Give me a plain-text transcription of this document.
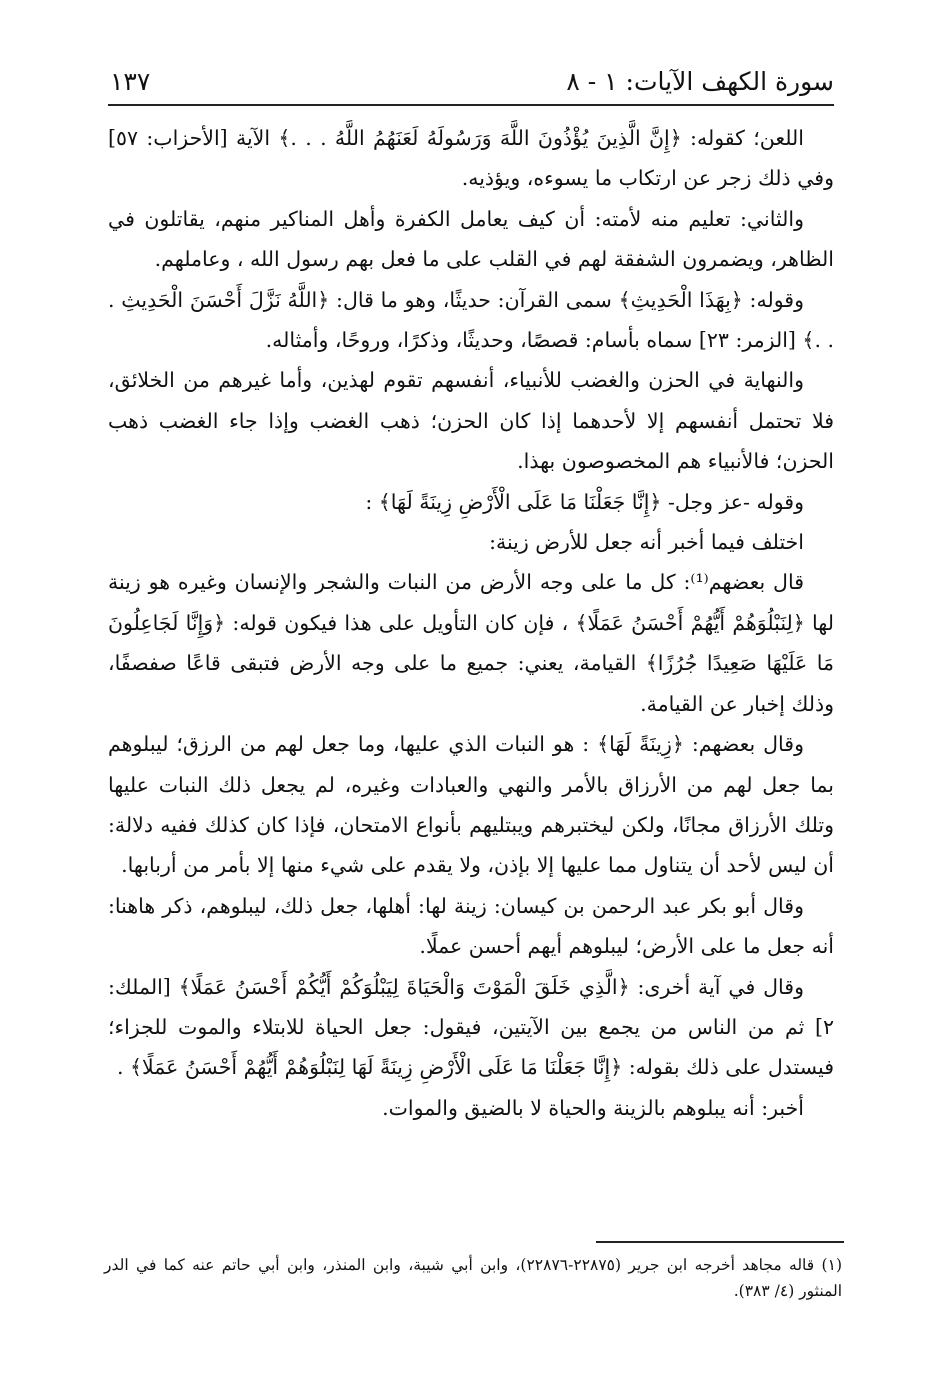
سورة الكهف الآيات: ١ - ٨
١٣٧

اللعن؛ كقوله: ﴿إِنَّ الَّذِينَ يُؤْذُونَ اللَّهَ وَرَسُولَهُ لَعَنَهُمُ اللَّهُ . . .﴾ الآية [الأحزاب: ٥٧] وفي ذلك زجر عن ارتكاب ما يسوءه، ويؤذيه.

والثاني: تعليم منه لأمته: أن كيف يعامل الكفرة وأهل المناكير منهم، يقاتلون في الظاهر، ويضمرون الشفقة لهم في القلب على ما فعل بهم رسول الله ، وعاملهم.

وقوله: ﴿بِهَذَا الْحَدِيثِ﴾ سمى القرآن: حديثًا، وهو ما قال: ﴿اللَّهُ نَزَّلَ أَحْسَنَ الْحَدِيثِ . . .﴾ [الزمر: ٢٣] سماه بأسام: قصصًا، وحديثًا، وذكرًا، وروحًا، وأمثاله.

والنهاية في الحزن والغضب للأنبياء، أنفسهم تقوم لهذين، وأما غيرهم من الخلائق، فلا تحتمل أنفسهم إلا لأحدهما إذا كان الحزن؛ ذهب الغضب وإذا جاء الغضب ذهب الحزن؛ فالأنبياء هم المخصوصون بهذا.

وقوله -عز وجل- ﴿إِنَّا جَعَلْنَا مَا عَلَى الْأَرْضِ زِينَةً لَهَا﴾ :

اختلف فيما أخبر أنه جعل للأرض زينة:

قال بعضهم⁽¹⁾: كل ما على وجه الأرض من النبات والشجر والإنسان وغيره هو زينة لها ﴿لِنَبْلُوَهُمْ أَيُّهُمْ أَحْسَنُ عَمَلًا﴾ ، فإن كان التأويل على هذا فيكون قوله: ﴿وَإِنَّا لَجَاعِلُونَ مَا عَلَيْهَا صَعِيدًا جُرُزًا﴾ القيامة، يعني: جميع ما على وجه الأرض فتبقى قاعًا صفصفًا، وذلك إخبار عن القيامة.

وقال بعضهم: ﴿زِينَةً لَهَا﴾ : هو النبات الذي عليها، وما جعل لهم من الرزق؛ ليبلوهم بما جعل لهم من الأرزاق بالأمر والنهي والعبادات وغيره، لم يجعل ذلك النبات عليها وتلك الأرزاق مجانًا، ولكن ليختبرهم ويبتليهم بأنواع الامتحان، فإذا كان كذلك ففيه دلالة: أن ليس لأحد أن يتناول مما عليها إلا بإذن، ولا يقدم على شيء منها إلا بأمر من أربابها.

وقال أبو بكر عبد الرحمن بن كيسان: زينة لها: أهلها، جعل ذلك، ليبلوهم، ذكر هاهنا: أنه جعل ما على الأرض؛ ليبلوهم أيهم أحسن عملًا.

وقال في آية أخرى: ﴿الَّذِي خَلَقَ الْمَوْتَ وَالْحَيَاةَ لِيَبْلُوَكُمْ أَيُّكُمْ أَحْسَنُ عَمَلًا﴾ [الملك: ٢] ثم من الناس من يجمع بين الآيتين، فيقول: جعل الحياة للابتلاء والموت للجزاء؛ فيستدل على ذلك بقوله: ﴿إِنَّا جَعَلْنَا مَا عَلَى الْأَرْضِ زِينَةً لَهَا لِنَبْلُوَهُمْ أَيُّهُمْ أَحْسَنُ عَمَلًا﴾ .

أخبر: أنه يبلوهم بالزينة والحياة لا بالضيق والموات.

(١) قاله مجاهد أخرجه ابن جرير (٢٢٨٧٥-٢٢٨٧٦)، وابن أبي شيبة، وابن المنذر، وابن أبي حاتم عنه كما في الدر المنثور (٤/ ٣٨٣).
